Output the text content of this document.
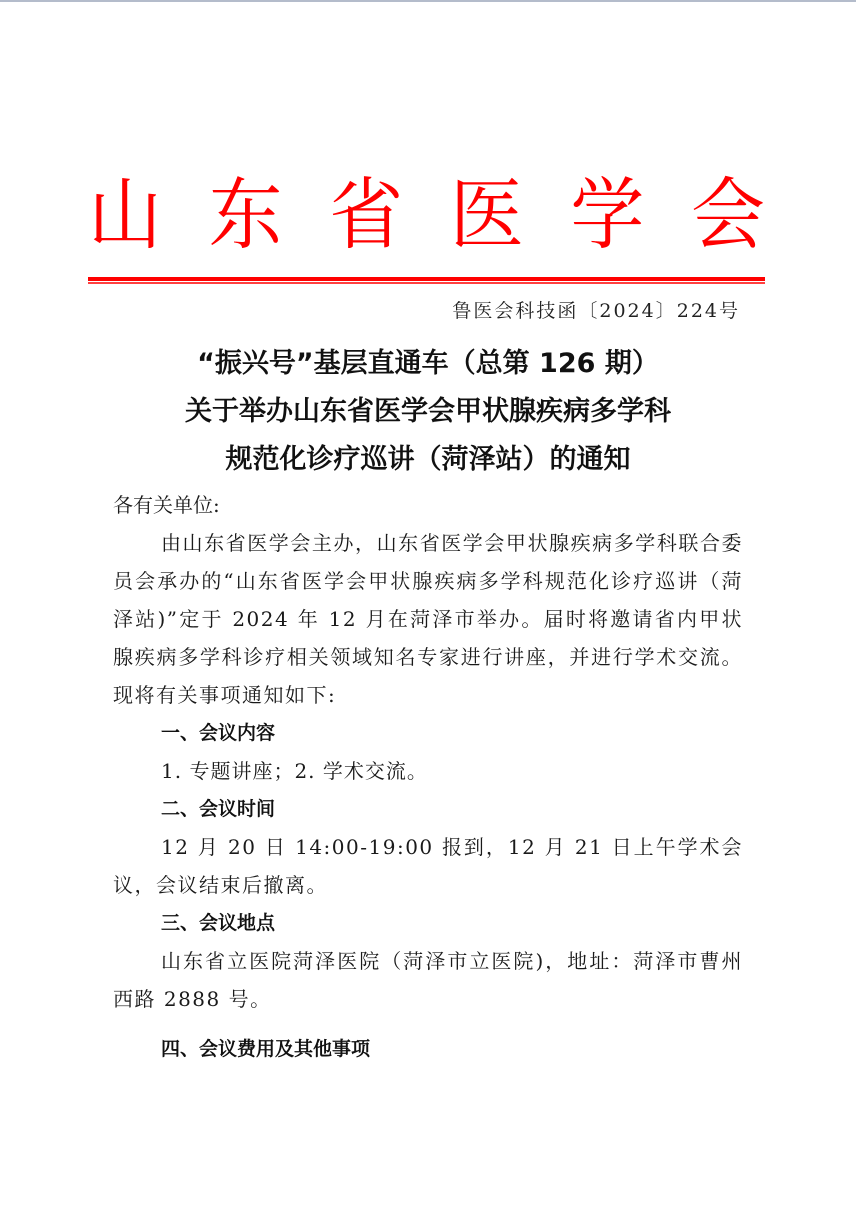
山 东 省 医 学 会
鲁医会科技函〔2024〕224号
“振兴号”基层直通车（总第 126 期）
关于举办山东省医学会甲状腺疾病多学科
规范化诊疗巡讲（菏泽站）的通知
各有关单位:
由山东省医学会主办，山东省医学会甲状腺疾病多学科联合委员会承办的“山东省医学会甲状腺疾病多学科规范化诊疗巡讲（菏泽站)”定于 2024 年 12 月在菏泽市举办。届时将邀请省内甲状腺疾病多学科诊疗相关领域知名专家进行讲座，并进行学术交流。现将有关事项通知如下:
一、会议内容
1. 专题讲座；2. 学术交流。
二、会议时间
12 月 20 日 14:00-19:00 报到，12 月 21 日上午学术会议，会议结束后撤离。
三、会议地点
山东省立医院菏泽医院（菏泽市立医院)，地址：菏泽市曹州西路 2888 号。
四、会议费用及其他事项
